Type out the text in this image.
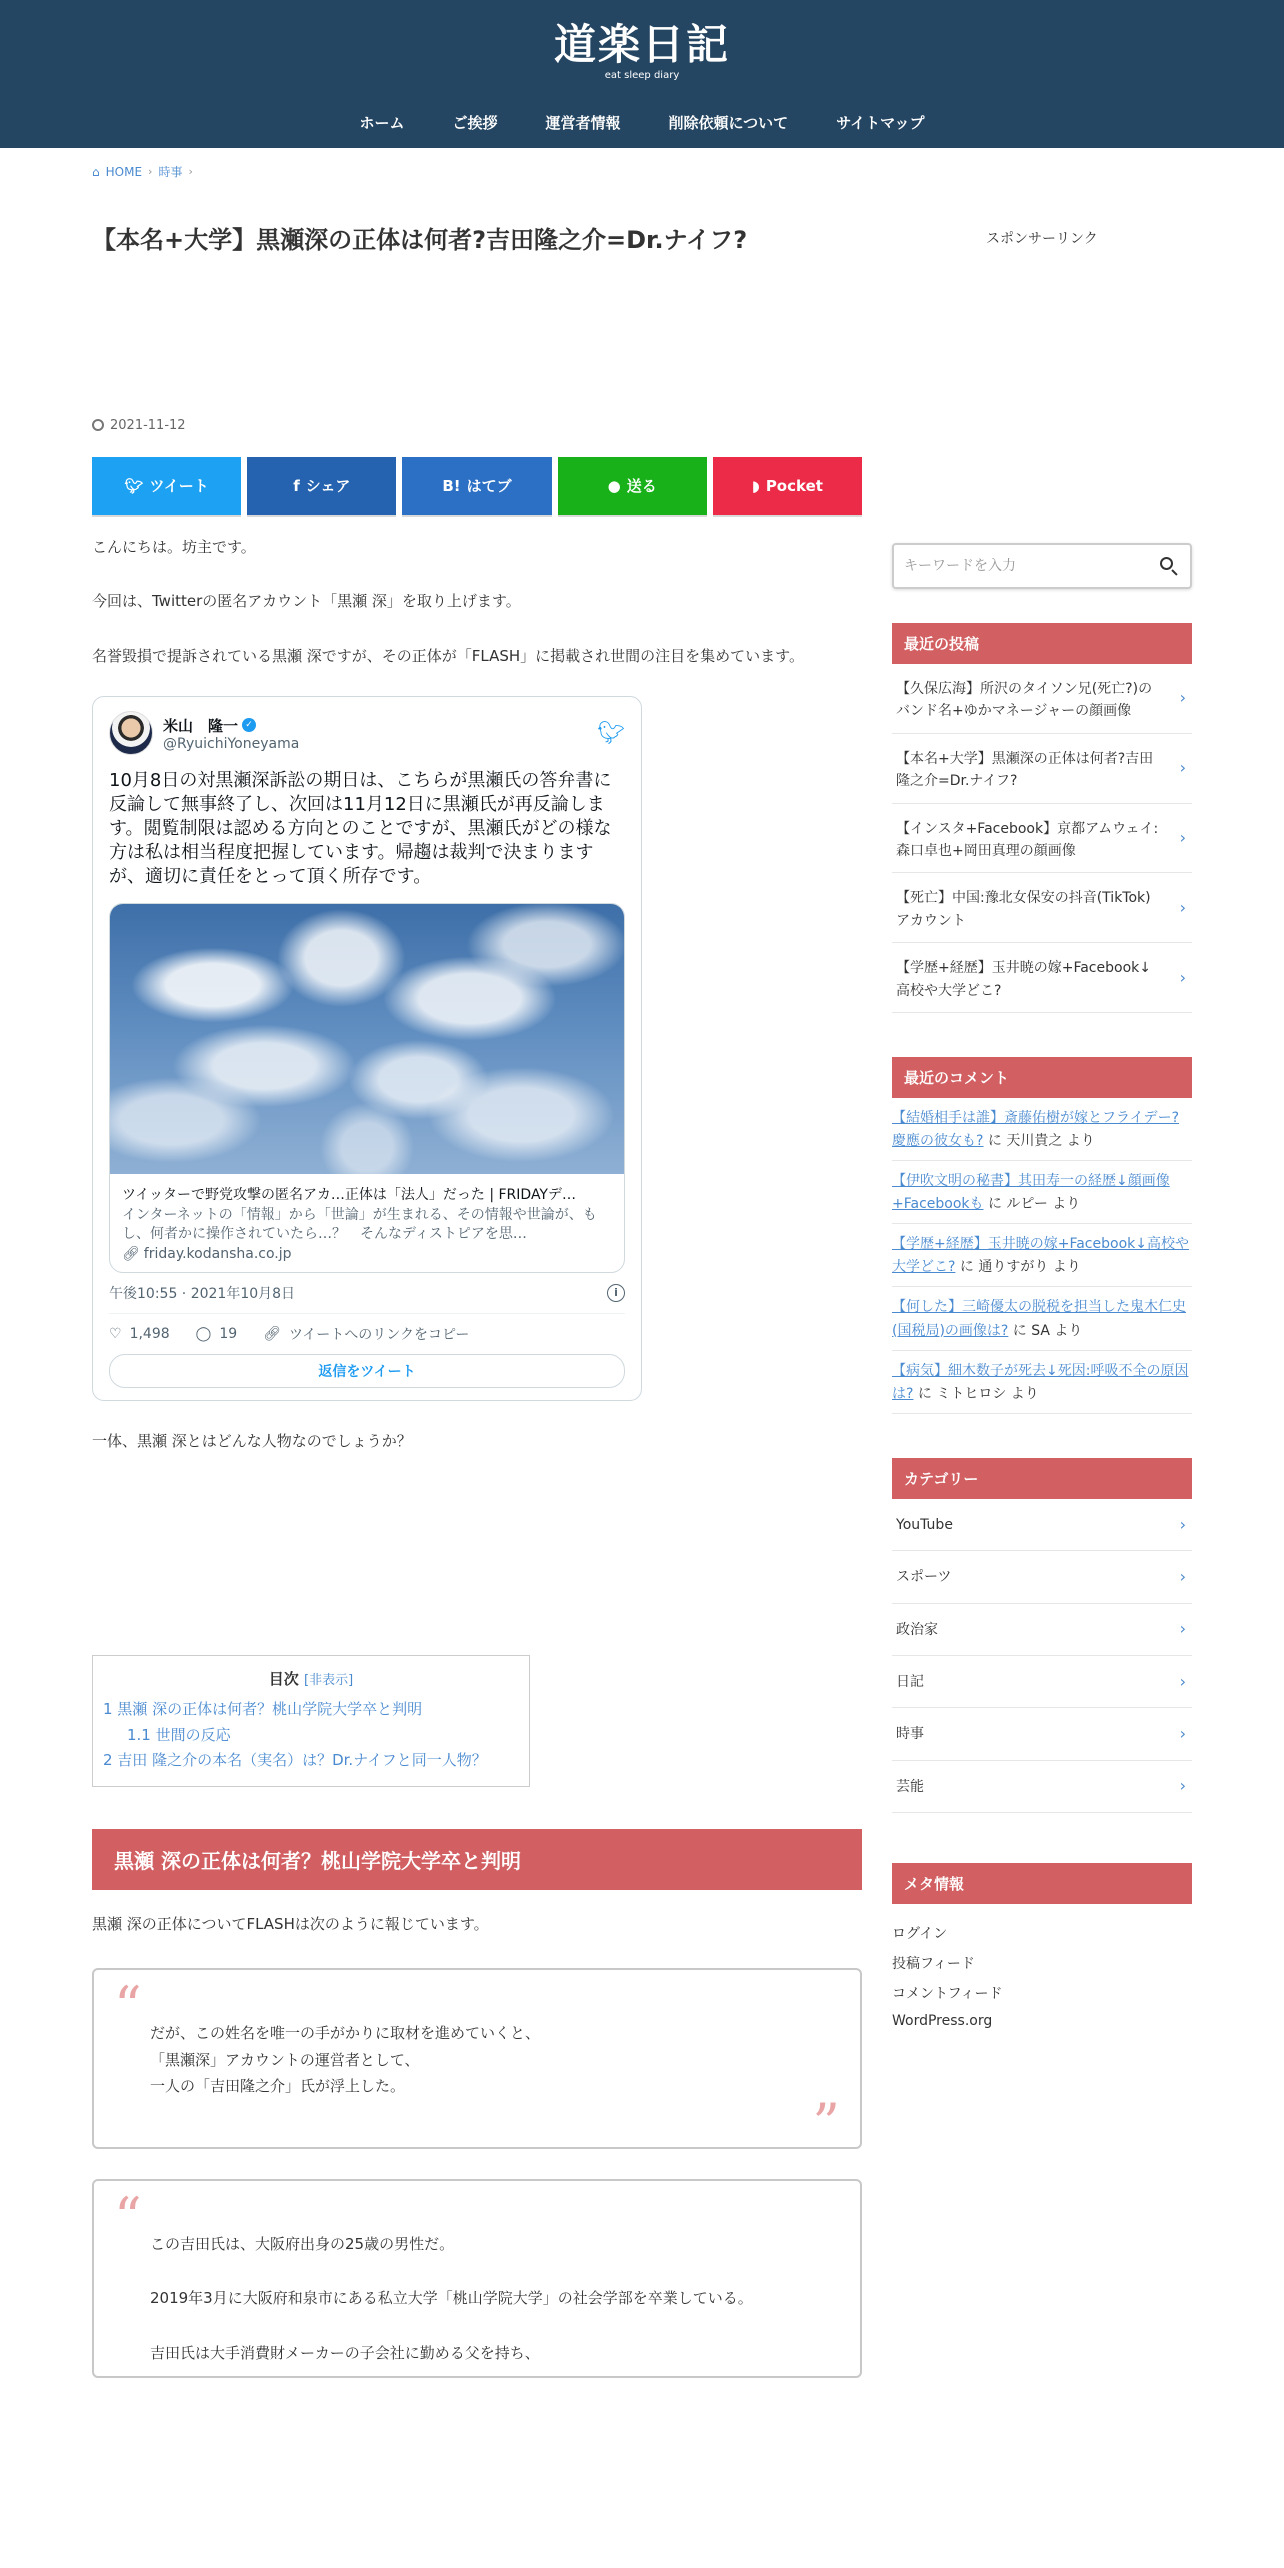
道楽日記
eat sleep diary
ホーム	ご挨拶	運営者情報	削除依頼について	サイトマップ
⌂ HOME › 時事 ›
【本名+大学】黒瀬深の正体は何者?吉田隆之介=Dr.ナイフ?
2021-11-12
🐦︎ ツイート	f シェア	B! はてブ	● 送る	◗ Pocket

こんにちは。坊主です。

今回は、Twitterの匿名アカウント「黒瀬 深」を取り上げます。

名誉毀損で提訴されている黒瀬 深ですが、その正体が「FLASH」に掲載され世間の注目を集めています。

米山　隆一 ✓
@RyuichiYoneyama	🐦︎
10月8日の対黒瀬深訴訟の期日は、こちらが黒瀬氏の答弁書に反論して無事終了し、次回は11月12日に黒瀬氏が再反論します。閲覧制限は認める方向とのことですが、黒瀬氏がどの様な方は私は相当程度把握しています。帰趨は裁判で決まりますが、適切に責任をとって頂く所存です。
ツイッターで野党攻撃の匿名アカ…正体は「法人」だった | FRIDAYデ…
インターネットの「情報」から「世論」が生まれる、その情報や世論が、もし、何者かに操作されていたら…？　そんなディストピアを思…
🔗︎ friday.kodansha.co.jp
午後10:55 · 2021年10月8日	i
♡ 1,498 ◯ 19 🔗︎ ツイートへのリンクをコピー
返信をツイート

一体、黒瀬 深とはどんな人物なのでしょうか？

目次 [非表示]
1 黒瀬 深の正体は何者？桃山学院大学卒と判明
1.1 世間の反応
2 吉田 隆之介の本名（実名）は？Dr.ナイフと同一人物？
黒瀬 深の正体は何者？桃山学院大学卒と判明

黒瀬 深の正体についてFLASHは次のように報じています。

“ だが、この姓名を唯一の手がかりに取材を進めていくと、

「黒瀬深」アカウントの運営者として、

一人の「吉田隆之介」氏が浮上した。

”
“ この吉田氏は、大阪府出身の25歳の男性だ。

2019年3月に大阪府和泉市にある私立大学「桃山学院大学」の社会学部を卒業している。

吉田氏は大手消費財メーカーの子会社に勤める父を持ち、

スポンサーリンク
キーワードを入力
最近の投稿
【久保広海】所沢のタイソン兄(死亡?)のバンド名+ゆかマネージャーの顔画像
›
【本名+大学】黒瀬深の正体は何者?吉田隆之介=Dr.ナイフ?
›
【インスタ+Facebook】京都アムウェイ:森口卓也+岡田真理の顔画像
›
【死亡】中国:豫北女保安の抖音(TikTok)アカウント
›
【学歴+経歴】玉井暁の嫁+Facebook↓高校や大学どこ?
›
最近のコメント
【結婚相手は誰】斎藤佑樹が嫁とフライデー?慶應の彼女も? に 天川貴之 より
【伊吹文明の秘書】其田寿一の経歴↓顔画像+Facebookも に ルピー より
【学歴+経歴】玉井暁の嫁+Facebook↓高校や大学どこ? に 通りすがり より
【何した】三崎優太の脱税を担当した鬼木仁史(国税局)の画像は? に SA より
【病気】細木数子が死去↓死因:呼吸不全の原因は? に ミトヒロシ より
カテゴリー
YouTube	›
スポーツ	›
政治家	›
日記	›
時事	›
芸能	›
メタ情報
ログイン
投稿フィード
コメントフィード
WordPress.org
